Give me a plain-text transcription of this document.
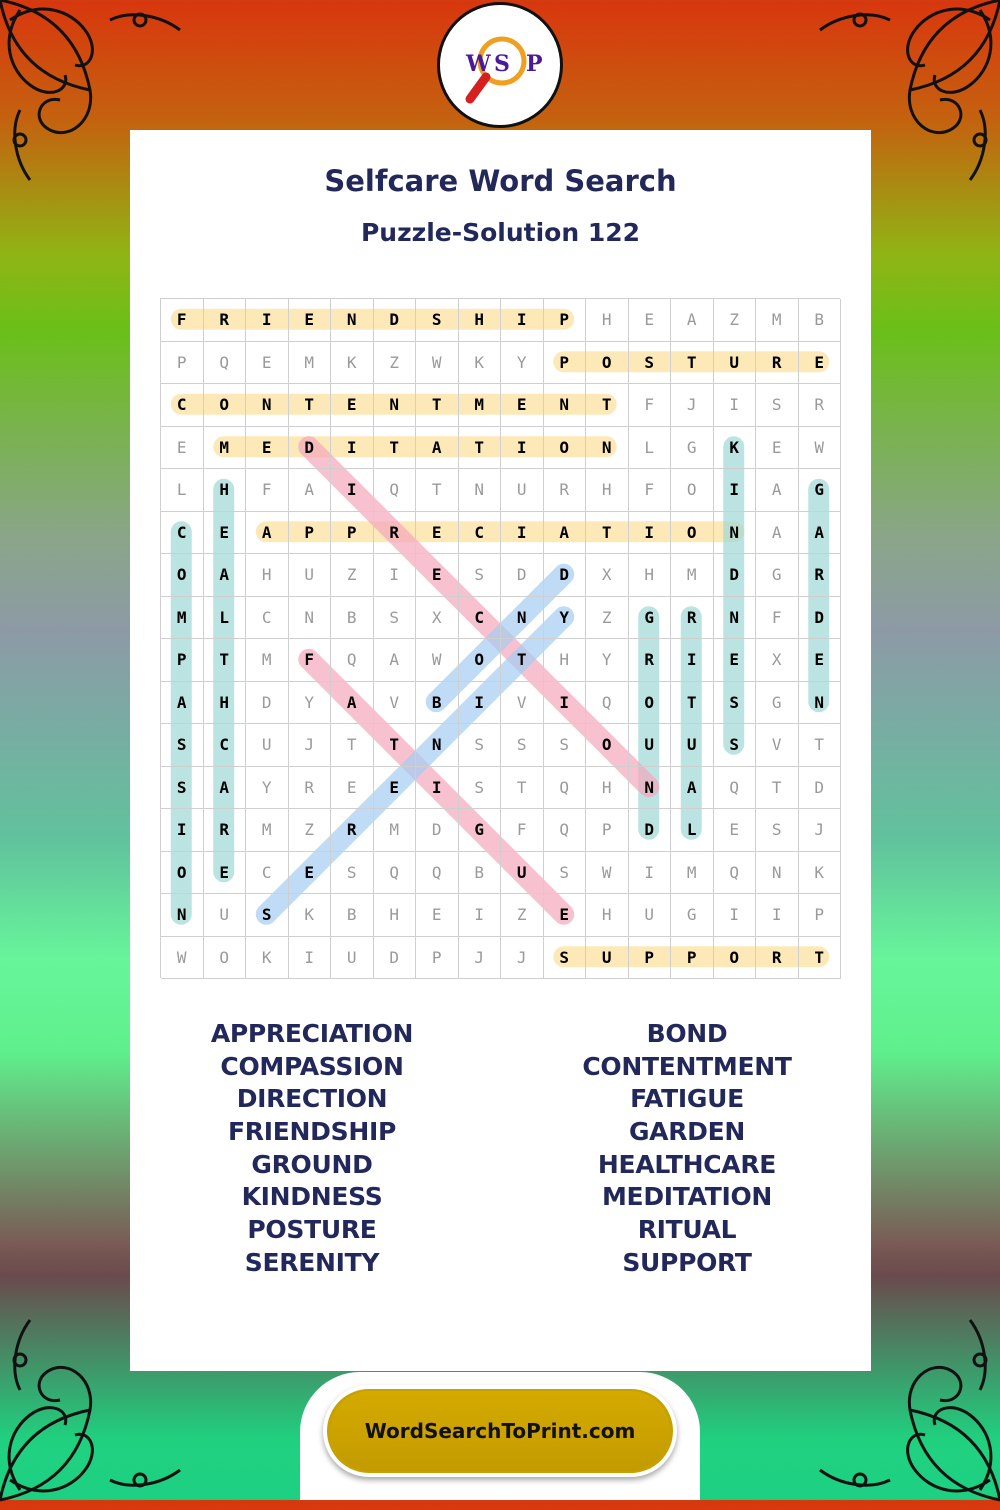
W S P
Selfcare Word Search
Puzzle-Solution 122
F	R	I	E	N	D	S	H	I	P	H	E	A	Z	M	B
P	Q	E	M	K	Z	W	K	Y	P	O	S	T	U	R	E
C	O	N	T	E	N	T	M	E	N	T	F	J	I	S	R
E	M	E	D	I	T	A	T	I	O	N	L	G	K	E	W
L	H	F	A	I	Q	T	N	U	R	H	F	O	I	A	G
C	E	A	P	P	R	E	C	I	A	T	I	O	N	A	A
O	A	H	U	Z	I	E	S	D	D	X	H	M	D	G	R
M	L	C	N	B	S	X	C	N	Y	Z	G	R	N	F	D
P	T	M	F	Q	A	W	O	T	H	Y	R	I	E	X	E
A	H	D	Y	A	V	B	I	V	I	Q	O	T	S	G	N
S	C	U	J	T	T	N	S	S	S	O	U	U	S	V	T
S	A	Y	R	E	E	I	S	T	Q	H	N	A	Q	T	D
I	R	M	Z	R	M	D	G	F	Q	P	D	L	E	S	J
O	E	C	E	S	Q	Q	B	U	S	W	I	M	Q	N	K
N	U	S	K	B	H	E	I	Z	E	H	U	G	I	I	P
W	O	K	I	U	D	P	J	J	S	U	P	P	O	R	T
APPRECIATION
COMPASSION
DIRECTION
FRIENDSHIP
GROUND
KINDNESS
POSTURE
SERENITY
BOND
CONTENTMENT
FATIGUE
GARDEN
HEALTHCARE
MEDITATION
RITUAL
SUPPORT
WordSearchToPrint.com
